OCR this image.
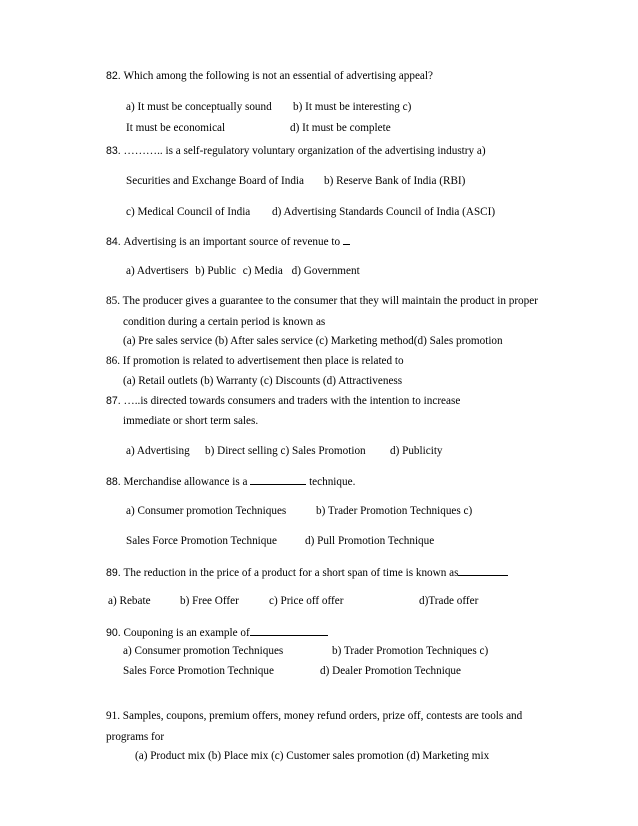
82. Which among the following is not an essential of advertising appeal?
a) It must be conceptually sound b) It must be interesting c)
It must be economical	d) It must be complete
83. ……….. is a self-regulatory voluntary organization of the advertising industry a)
Securities and Exchange Board of India b) Reserve Bank of India (RBI)
c) Medical Council of India d) Advertising Standards Council of India (ASCI)
84. Advertising is an important source of revenue to
a) Advertisers b) Public c) Media d) Government
85. The producer gives a guarantee to the consumer that they will maintain the product in proper
condition during a certain period is known as
(a) Pre sales service (b) After sales service (c) Marketing method(d) Sales promotion
86. If promotion is related to advertisement then place is related to
(a) Retail outlets (b) Warranty (c) Discounts (d) Attractiveness
87. …..is directed towards consumers and traders with the intention to increase
immediate or short term sales.
a) Advertising b) Direct selling c) Sales Promotion d) Publicity
88. Merchandise allowance is a	technique.
a) Consumer promotion Techniques	b) Trader Promotion Techniques c)
Sales Force Promotion Technique	d) Pull Promotion Technique
89. The reduction in the price of a product for a short span of time is known as
a) Rebate	b) Free Offer	c) Price off offer	d)Trade offer
90. Couponing is an example of
a) Consumer promotion Techniques	b) Trader Promotion Techniques c)
Sales Force Promotion Technique	d) Dealer Promotion Technique
91. Samples, coupons, premium offers, money refund orders, prize off, contests are tools and
programs for
(a) Product mix (b) Place mix (c) Customer sales promotion (d) Marketing mix
